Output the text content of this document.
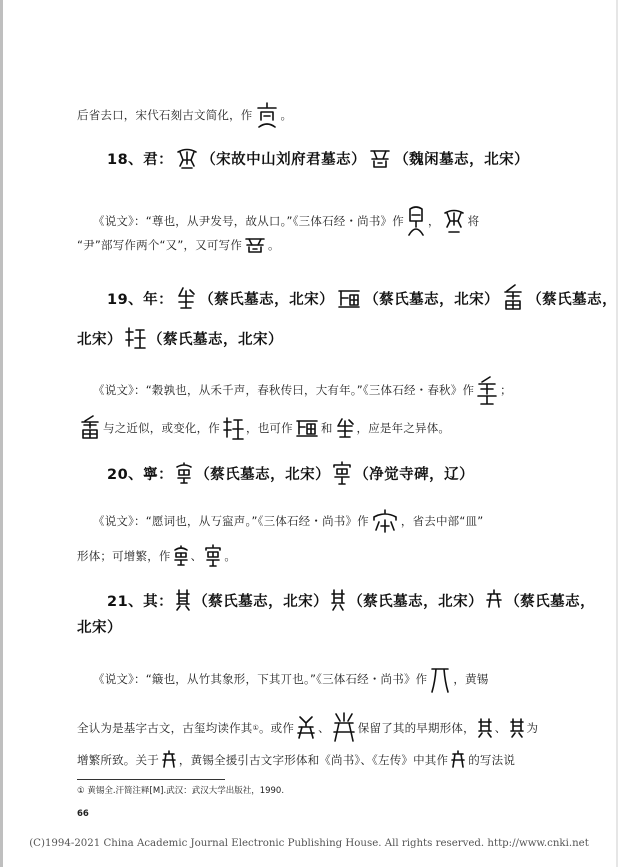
后省去口，宋代石刻古文简化，作 。
18、君： （宋故中山刘府君墓志） （魏闲墓志，北宋）
《说文》：“尊也，从尹发号，故从口。”《三体石经・尚书》作 ， 将
“尹”部写作两个“又”，又可写作 。
19、年： （蔡氏墓志，北宋） （蔡氏墓志，北宋） （蔡氏墓志，
北宋） （蔡氏墓志，北宋）
《说文》：“穀孰也，从禾千声，春秋传曰，大有年。”《三体石经・春秋》作 ；
与之近似，或变化，作 ，也可作 和 ，应是年之异体。
20、寧： （蔡氏墓志，北宋） （净觉寺碑，辽）
《说文》：“愿词也，从丂寍声。”《三体石经・尚书》作	，省去中部“皿”
形体；可增繁，作 、 。
21、其： （蔡氏墓志，北宋） （蔡氏墓志，北宋） （蔡氏墓志，
北宋）
《说文》：“簸也，从竹其象形，下其丌也。”《三体石经・尚书》作 ，黄锡
全认为是基字古文，古玺均读作其 ① 。或作 、 保留了其的早期形体， 、 为
增繁所致。关于 ，黄锡全援引古文字形体和《尚书》、《左传》中其作 的写法说
① 黄锡全.汗简注释[M].武汉：武汉大学出版社，1990.
66
(C)1994-2021 China Academic Journal Electronic Publishing House. All rights reserved. http://www.cnki.net
